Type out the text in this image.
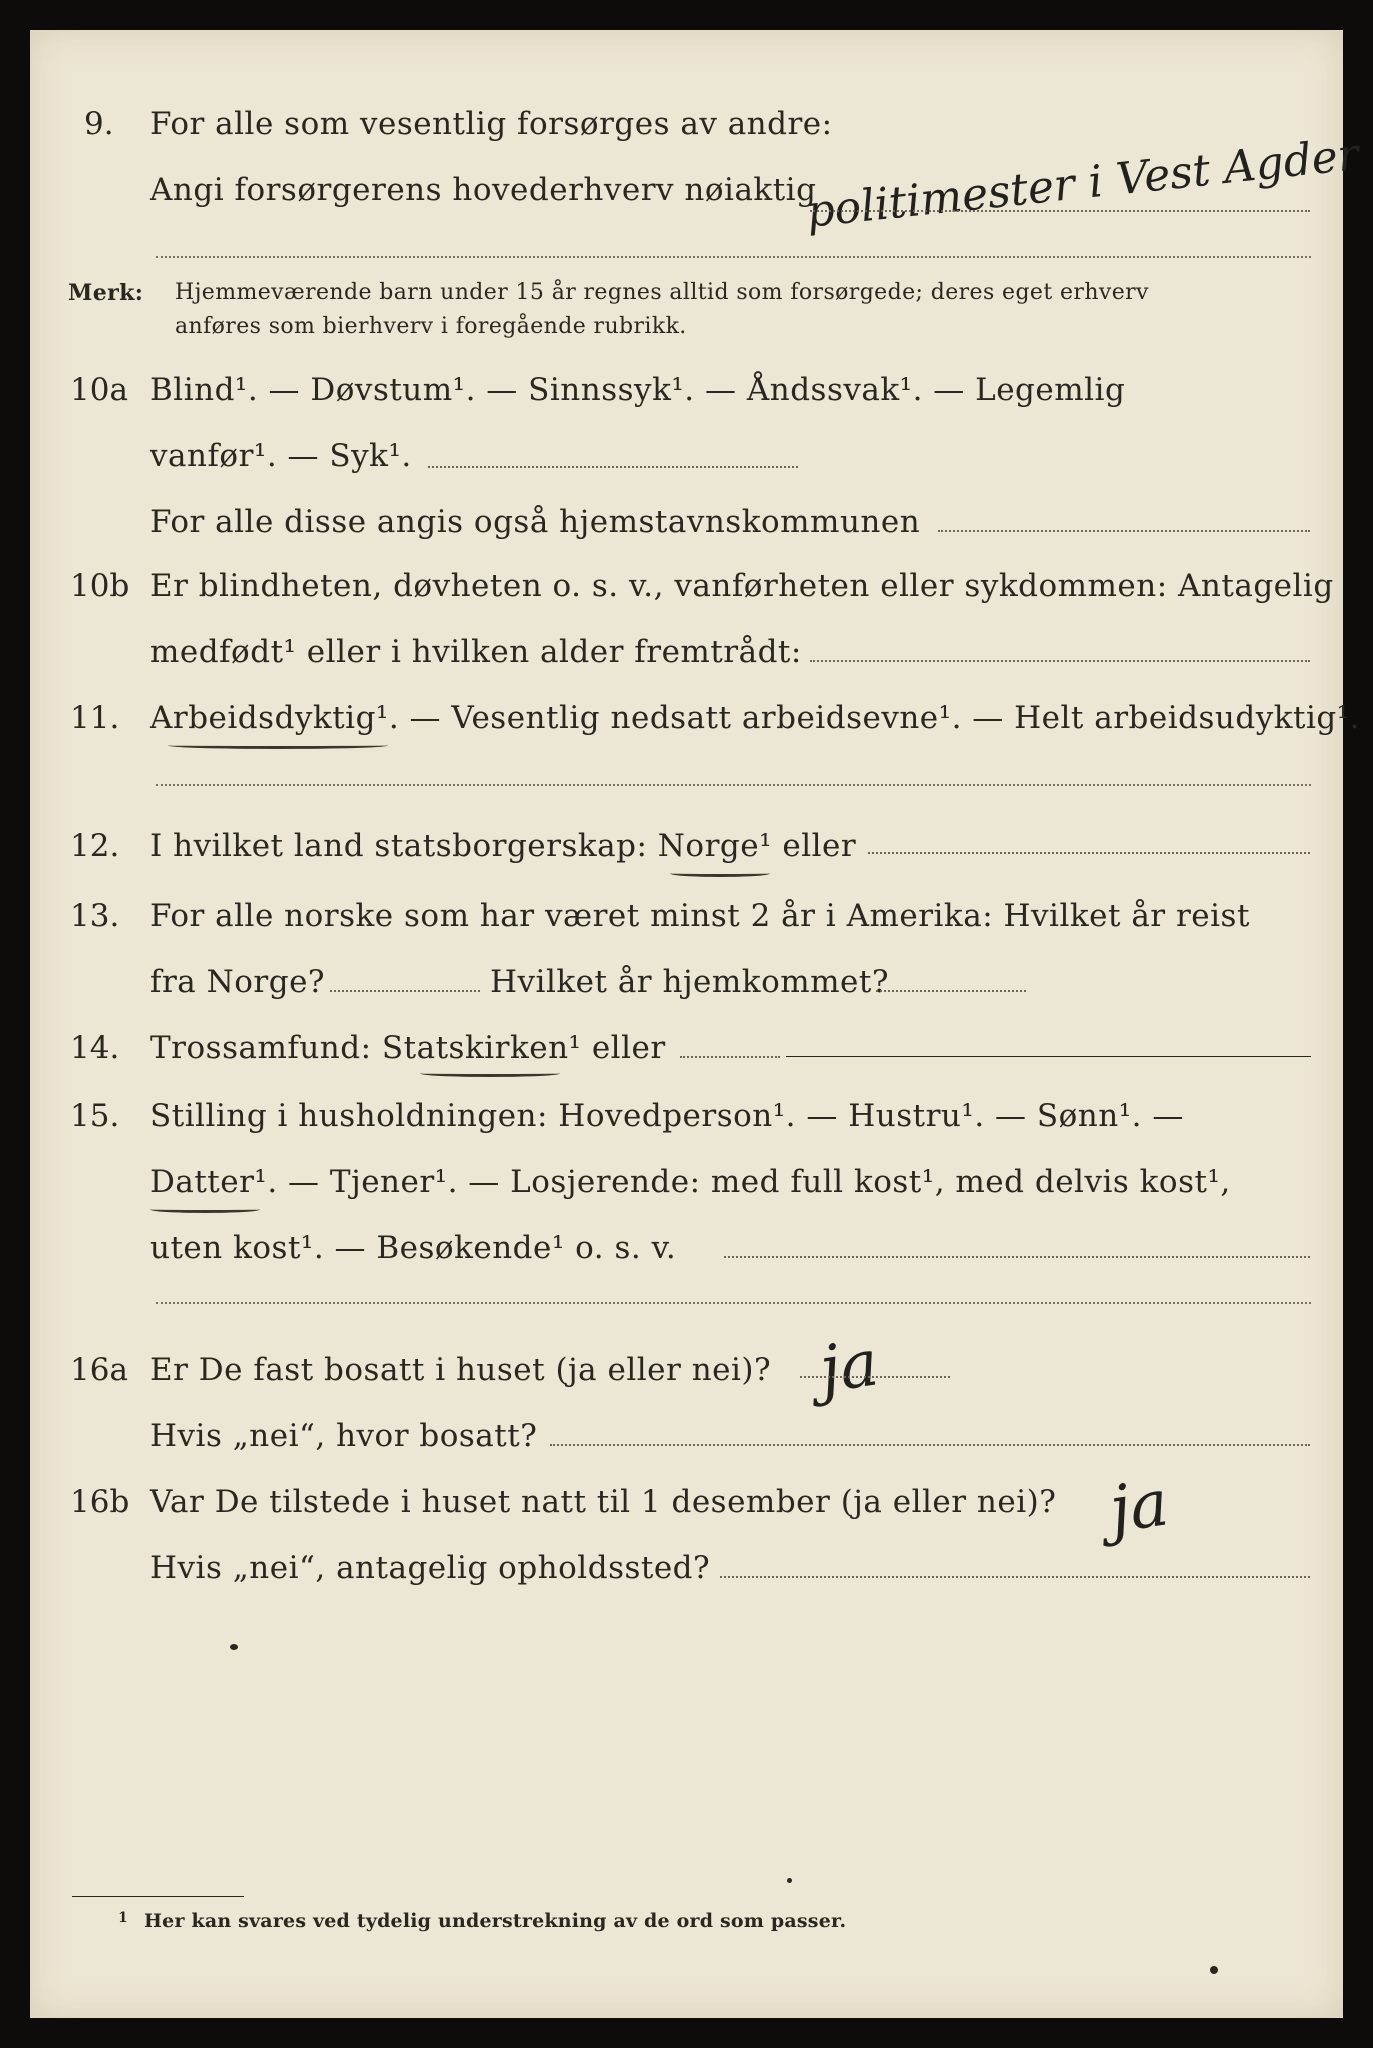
9. For alle som vesentlig forsørges av andre:
Angi forsørgerens hovederhverv nøiaktig
politimester i Vest Agder
Merk: Hjemmeværende barn under 15 år regnes alltid som forsørgede; deres eget erhverv
anføres som bierhverv i foregående rubrikk.
10a Blind¹. — Døvstum¹. — Sinnssyk¹. — Åndssvak¹. — Legemlig
vanfør¹. — Syk¹.
For alle disse angis også hjemstavnskommunen
10b Er blindheten, døvheten o. s. v., vanførheten eller sykdommen: Antagelig
medfødt¹ eller i hvilken alder fremtrådt:
11. Arbeidsdyktig¹. — Vesentlig nedsatt arbeidsevne¹. — Helt arbeidsudyktig¹.
12. I hvilket land statsborgerskap: Norge¹ eller
13. For alle norske som har været minst 2 år i Amerika: Hvilket år reist
fra Norge?	Hvilket år hjemkommet?
14. Trossamfund: Statskirken¹ eller
15. Stilling i husholdningen: Hovedperson¹. — Hustru¹. — Sønn¹. —
Datter¹. — Tjener¹. — Losjerende: med full kost¹, med delvis kost¹,
uten kost¹. — Besøkende¹ o. s. v.
16a Er De fast bosatt i huset (ja eller nei)? ja
Hvis „nei“, hvor bosatt?
16b Var De tilstede i huset natt til 1 desember (ja eller nei)? ja
Hvis „nei“, antagelig opholdssted?
1 Her kan svares ved tydelig understrekning av de ord som passer.
